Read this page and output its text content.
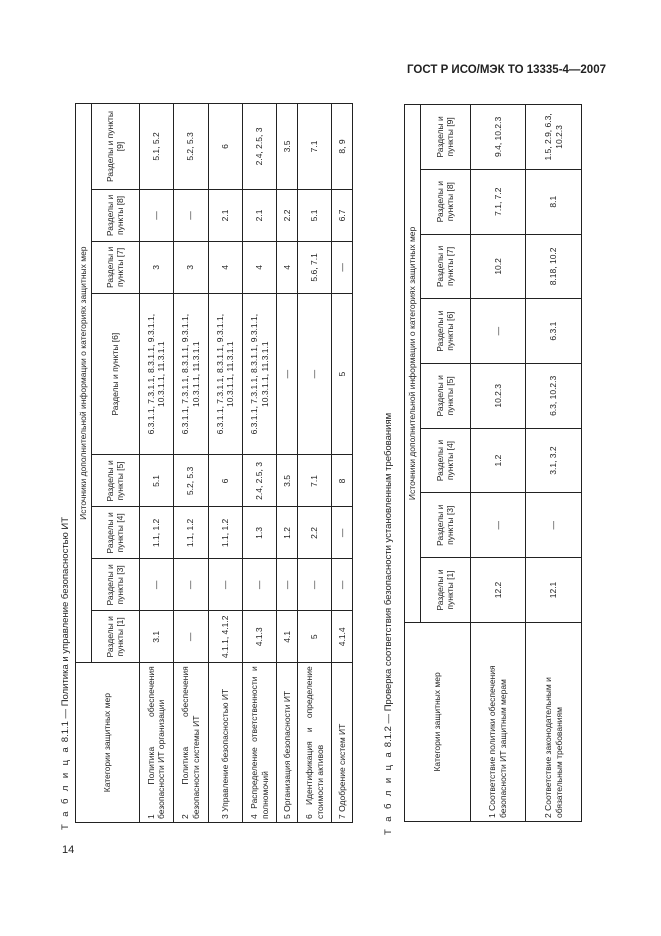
ГОСТ Р ИСО/МЭК ТО 13335-4—2007
Т а б л и ц а 8.1.1 — Политика и управление безопасностью ИТ	Категории защитных мер	Источники дополнительной информации о категориях защитных мер							
	Разделы и пункты [1]	Разделы и пункты [3]	Разделы и пункты [4]	Разделы и пункты [5]	Разделы и пункты [6]	Разделы и пункты [7]	Разделы и пункты [8]	Разделы и пункты [9]
1 Политика обеспечения безопасности ИТ организации	3.1	—	1.1, 1.2	5.1	6.3.1.1, 7.3.1.1, 8.3.1.1, 9.3.1.1, 10.3.1.1, 11.3.1.1	3	—	5.1, 5.2
2 Политика обеспечения безопасности системы ИТ	—	—	1.1, 1.2	5.2, 5.3	6.3.1.1, 7.3.1.1, 8.3.1.1, 9.3.1.1, 10.3.1.1, 11.3.1.1	3	—	5.2, 5.3
3 Управление безопасностью ИТ	4.1.1, 4.1.2	—	1.1, 1.2	6	6.3.1.1, 7.3.1.1, 8.3.1.1, 9.3.1.1, 10.3.1.1, 11.3.1.1	4	2.1	6
4 Распределение ответственности и полномочий	4.1.3	—	1.3	2.4, 2.5, 3	6.3.1.1, 7.3.1.1, 8.3.1.1, 9.3.1.1, 10.3.1.1, 11.3.1.1	4	2.1	2.4, 2.5, 3
5 Организация безопасности ИТ	4.1	—	1.2	3.5	—	4	2.2	3.5
6 Идентификация и определение стоимости активов	5	—	2.2	7.1	—	5.6, 7.1	5.1	7.1
7 Одобрение систем ИТ	4.1.4	—	—	8	5	—	6.7	8, 9
14
Т а б л и ц а 8.1.2 — Проверка соответствия безопасности установленным требованиям	Категории защитных мер	Источники дополнительной информации о категориях защитных мер							
	Разделы и пункты [1]	Разделы и пункты [3]	Разделы и пункты [4]	Разделы и пункты [5]	Разделы и пункты [6]	Разделы и пункты [7]	Разделы и пункты [8]	Разделы и пункты [9]
1 Соответствие политики обеспечения безопасности ИТ защитным мерам	12.2	—	1.2	10.2.3	—	10.2	7.1, 7.2	9.4, 10.2.3
2 Соответствие законодательным и обязательным требованиям	12.1	—	3.1, 3.2	6.3, 10.2.3	6.3.1	8.18, 10.2	8.1	1.5, 2.9, 6.3, 10.2.3
